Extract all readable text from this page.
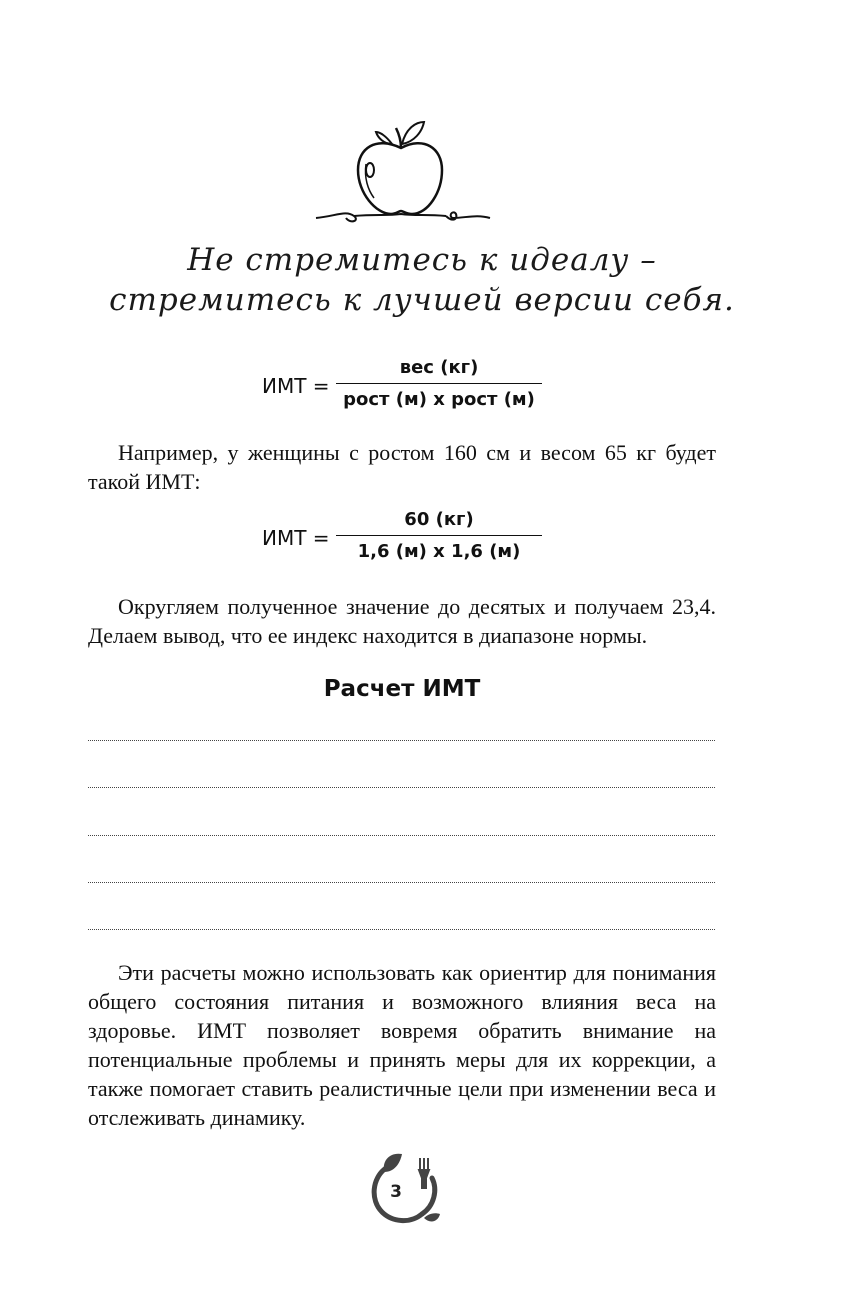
Не стремитесь к идеалу –
стремитесь к лучшей версии себя.
ИМТ =
вес (кг)
рост (м) х рост (м)

Например, у женщины с ростом 160 см и весом 65 кг будет такой ИМТ:

ИМТ =
60 (кг)
1,6 (м) х 1,6 (м)

Округляем полученное значение до десятых и получаем 23,4. Делаем вывод, что ее индекс находится в диапазоне нормы.

Расчет ИМТ

Эти расчеты можно использовать как ориентир для понимания общего состояния питания и возможного влияния веса на здоровье. ИМТ позволяет вовремя обратить внимание на потенциальные проблемы и принять меры для их коррекции, а также помогает ставить реалистичные цели при изменении веса и отслеживать динамику.

3
